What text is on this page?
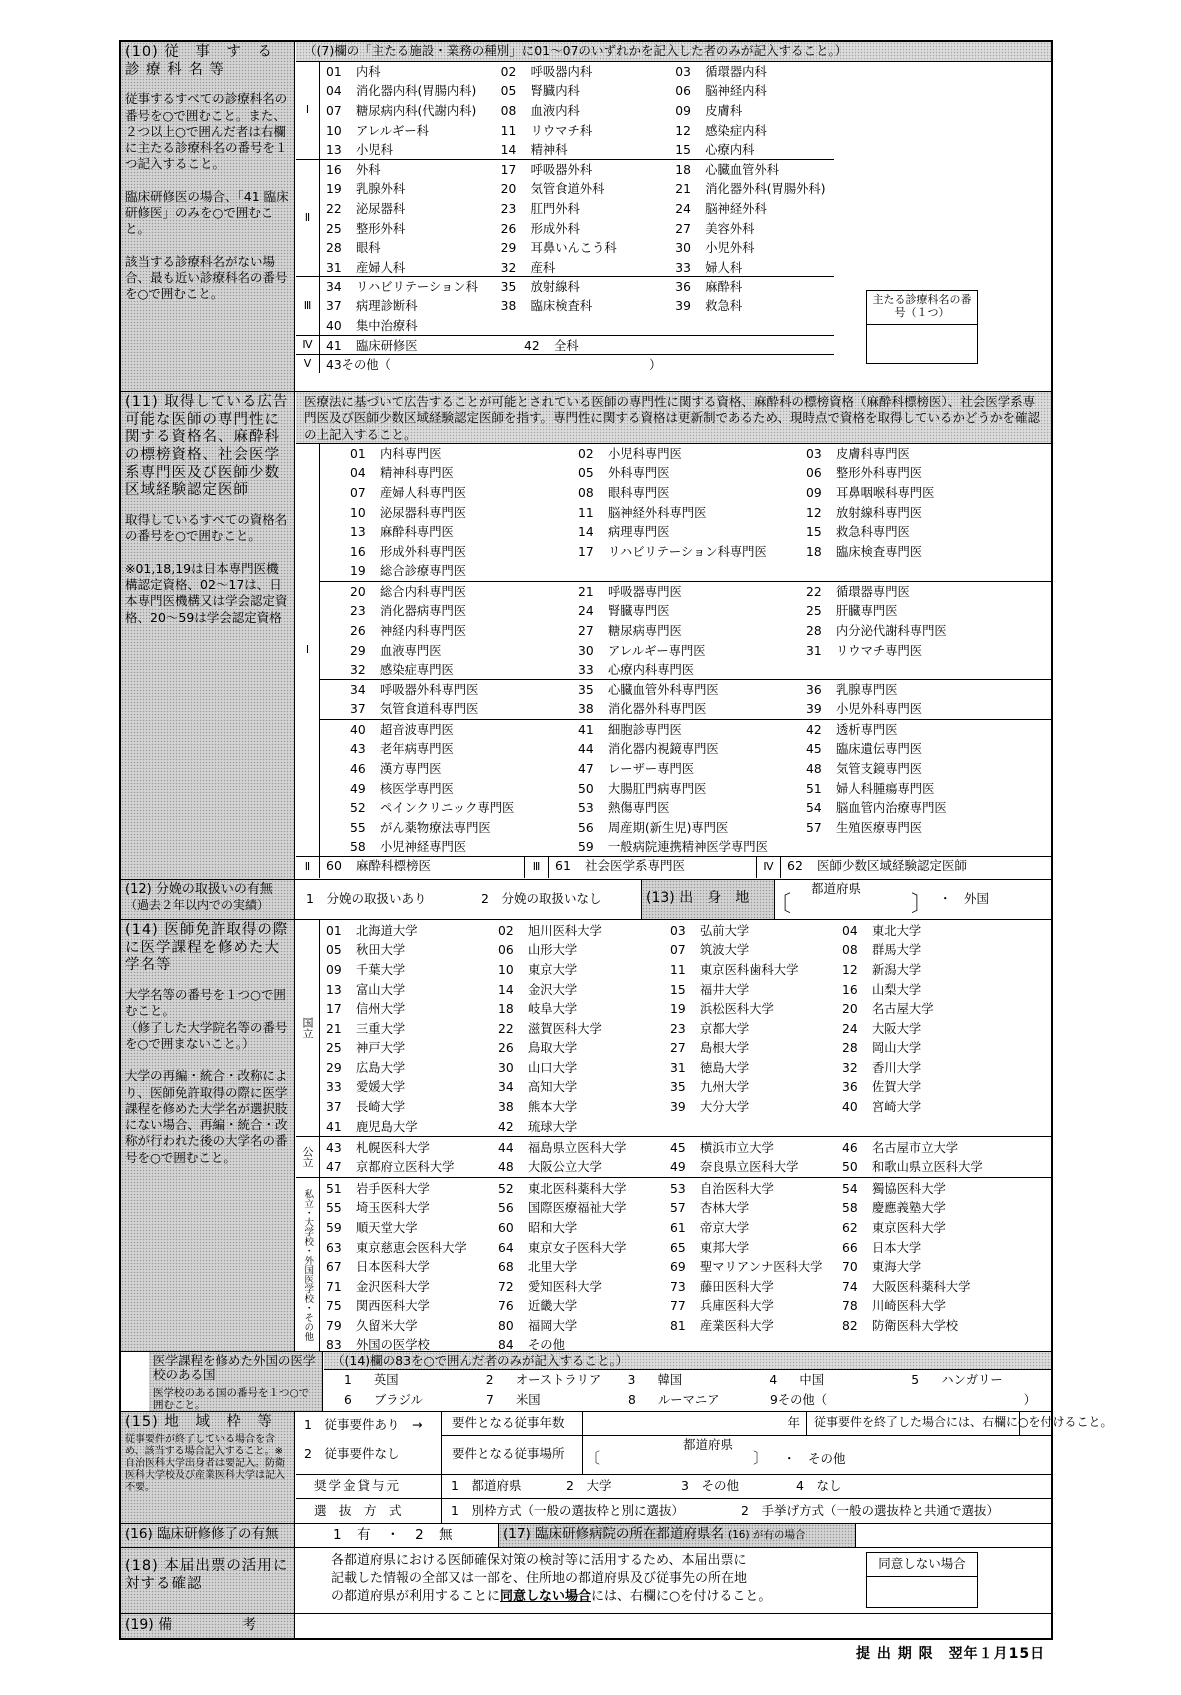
(10) 従　事　す　る 診 療 科 名 等
従事するすべての診療科名の番号を○で囲むこと。また、２つ以上○で囲んだ者は右欄に主たる診療科名の番号を１つ記入すること。

臨床研修医の場合、「41 臨床研修医」のみを○で囲むこと。

該当する診療科名がない場合、最も近い診療科名の番号を○で囲むこと。
（(7)欄の「主たる施設・業務の種別」に01〜07のいずれかを記入した者のみが記入すること。）
Ⅰ
01	内科	02	呼吸器内科	03	循環器内科
04	消化器内科(胃腸内科) 05	腎臓内科	06	脳神経内科
07	糖尿病内科(代謝内科) 08	血液内科	09	皮膚科
10	アレルギー科	11	リウマチ科	12	感染症内科
13	小児科	14	精神科	15	心療内科
Ⅱ
16	外科	17	呼吸器外科	18	心臓血管外科
19	乳腺外科	20	気管食道外科	21	消化器外科(胃腸外科)
22	泌尿器科	23	肛門外科	24	脳神経外科
25	整形外科	26	形成外科	27	美容外科
28	眼科	29	耳鼻いんこう科	30	小児外科
31	産婦人科	32	産科	33	婦人科
Ⅲ
34	リハビリテーション科 35	放射線科	36	麻酔科
37	病理診断科	38	臨床検査科	39	救急科
40	集中治療科
Ⅳ	41	臨床研修医	42	全科
Ⅴ	43 その他（　　　　　　　　　　　　　　　　　　　　　）
主たる診療科名の番号（１つ）
(11) 取得している広告可能な医師の専門性に関する資格名、麻酔科の標榜資格、社会医学系専門医及び医師少数区域経験認定医師
取得しているすべての資格名の番号を○で囲むこと。

※01,18,19は日本専門医機構認定資格、02〜17は、日本専門医機構又は学会認定資格、20〜59は学会認定資格
医療法に基づいて広告することが可能とされている医師の専門性に関する資格、麻酔科の標榜資格（麻酔科標榜医）、社会医学系専門医及び医師少数区域経験認定医師を指す。専門性に関する資格は更新制であるため、現時点で資格を取得しているかどうかを確認の上記入すること。
Ⅰ
01	内科専門医	02	小児科専門医	03	皮膚科専門医
04	精神科専門医	05	外科専門医	06	整形外科専門医
07	産婦人科専門医	08	眼科専門医	09	耳鼻咽喉科専門医
10	泌尿器科専門医	11	脳神経外科専門医	12	放射線科専門医
13	麻酔科専門医	14	病理専門医	15	救急科専門医
16	形成外科専門医	17	リハビリテーション科専門医	18	臨床検査専門医
19	総合診療専門医
20	総合内科専門医	21	呼吸器専門医	22	循環器専門医
23	消化器病専門医	24	腎臓専門医	25	肝臓専門医
26	神経内科専門医	27	糖尿病専門医	28	内分泌代謝科専門医
29	血液専門医	30	アレルギー専門医	31	リウマチ専門医
32	感染症専門医	33	心療内科専門医
34	呼吸器外科専門医	35	心臓血管外科専門医	36	乳腺専門医
37	気管食道科専門医	38	消化器外科専門医	39	小児外科専門医
40	超音波専門医	41	細胞診専門医	42	透析専門医
43	老年病専門医	44	消化器内視鏡専門医	45	臨床遺伝専門医
46	漢方専門医	47	レーザー専門医	48	気管支鏡専門医
49	核医学専門医	50	大腸肛門病専門医	51	婦人科腫瘍専門医
52	ペインクリニック専門医	53	熱傷専門医	54	脳血管内治療専門医
55	がん薬物療法専門医	56	周産期(新生児)専門医	57	生殖医療専門医
58	小児神経専門医	59	一般病院連携精神医学専門医
Ⅱ	60	麻酔科標榜医	Ⅲ	61	社会医学系専門医	Ⅳ	62	医師少数区域経験認定医師
(12) 分娩の取扱いの有無
（過去２年以内での実績）	1　分娩の取扱いあり	2　分娩の取扱いなし	(13) 出　身　地
都道府県
〔	〕 ・　外国
(14) 医師免許取得の際に医学課程を修めた大学名等
大学名等の番号を１つ○で囲むこと。
（修了した大学院名等の番号を○で囲まないこと。）

大学の再編・統合・改称により、医師免許取得の際に医学課程を修めた大学名が選択肢にない場合、再編・統合・改称が行われた後の大学名の番号を○で囲むこと。
国立
01	北海道大学	02	旭川医科大学	03	弘前大学	04	東北大学
05	秋田大学	06	山形大学	07	筑波大学	08	群馬大学
09	千葉大学	10	東京大学	11	東京医科歯科大学	12	新潟大学
13	富山大学	14	金沢大学	15	福井大学	16	山梨大学
17	信州大学	18	岐阜大学	19	浜松医科大学	20	名古屋大学
21	三重大学	22	滋賀医科大学	23	京都大学	24	大阪大学
25	神戸大学	26	鳥取大学	27	島根大学	28	岡山大学
29	広島大学	30	山口大学	31	徳島大学	32	香川大学
33	愛媛大学	34	高知大学	35	九州大学	36	佐賀大学
37	長崎大学	38	熊本大学	39	大分大学	40	宮崎大学
41	鹿児島大学	42	琉球大学
公立 43	札幌医科大学	44	福島県立医科大学	45	横浜市立大学	46	名古屋市立大学
47	京都府立医科大学	48	大阪公立大学	49	奈良県立医科大学	50	和歌山県立医科大学
私立・大学校・外国医学校・その他
51	岩手医科大学	52	東北医科薬科大学	53	自治医科大学	54	獨協医科大学
55	埼玉医科大学	56	国際医療福祉大学	57	杏林大学	58	慶應義塾大学
59	順天堂大学	60	昭和大学	61	帝京大学	62	東京医科大学
63	東京慈恵会医科大学	64	東京女子医科大学	65	東邦大学	66	日本大学
67	日本医科大学	68	北里大学	69	聖マリアンナ医科大学 70	東海大学
71	金沢医科大学	72	愛知医科大学	73	藤田医科大学	74	大阪医科薬科大学
75	関西医科大学	76	近畿大学	77	兵庫医科大学	78	川崎医科大学
79	久留米大学	80	福岡大学	81	産業医科大学	82	防衛医科大学校
83	外国の医学校	84	その他
医学課程を修めた外国の医学校のある国
医学校のある国の番号を１つ○で囲むこと。
（(14)欄の83を○で囲んだ者のみが記入すること。）
1	英国	2	オーストラリア 3	韓国	4	中国	5	ハンガリー
6	ブラジル	7	米国	8	ルーマニア	9 その他（　　　　　　　　　　　　　　　　）
(15) 地　域　枠　等
従事要件が終了している場合を含め、該当する場合記入すること。※自治医科大学出身者は要記入。防衛医科大学校及び産業医科大学は記入不要。
1　従事要件あり　→
2　従事要件なし
要件となる従事年数	年 従事要件を終了した場合には、右欄に○を付けること。
要件となる従事場所
都道府県
〔	〕 ・　その他
奨学金貸与元	1　都道府県	2　大学	3　その他	4　なし
選　抜　方　式	1　別枠方式（一般の選抜枠と別に選抜）	2　手挙げ方式（一般の選抜枠と共通で選抜）
(16) 臨床研修修了の有無	1　有　・　2　無	(17) 臨床研修病院の所在都道府県名 (16) が有の場合
(18) 本届出票の活用に対する確認
各都道府県における医師確保対策の検討等に活用するため、本届出票に
記載した情報の全部又は一部を、住所地の都道府県及び従事先の所在地
の都道府県が利用することに同意しない場合には、右欄に○を付けること。
同意しない場合
(19) 備　　　　　考
提 出 期 限　翌年１月15日
